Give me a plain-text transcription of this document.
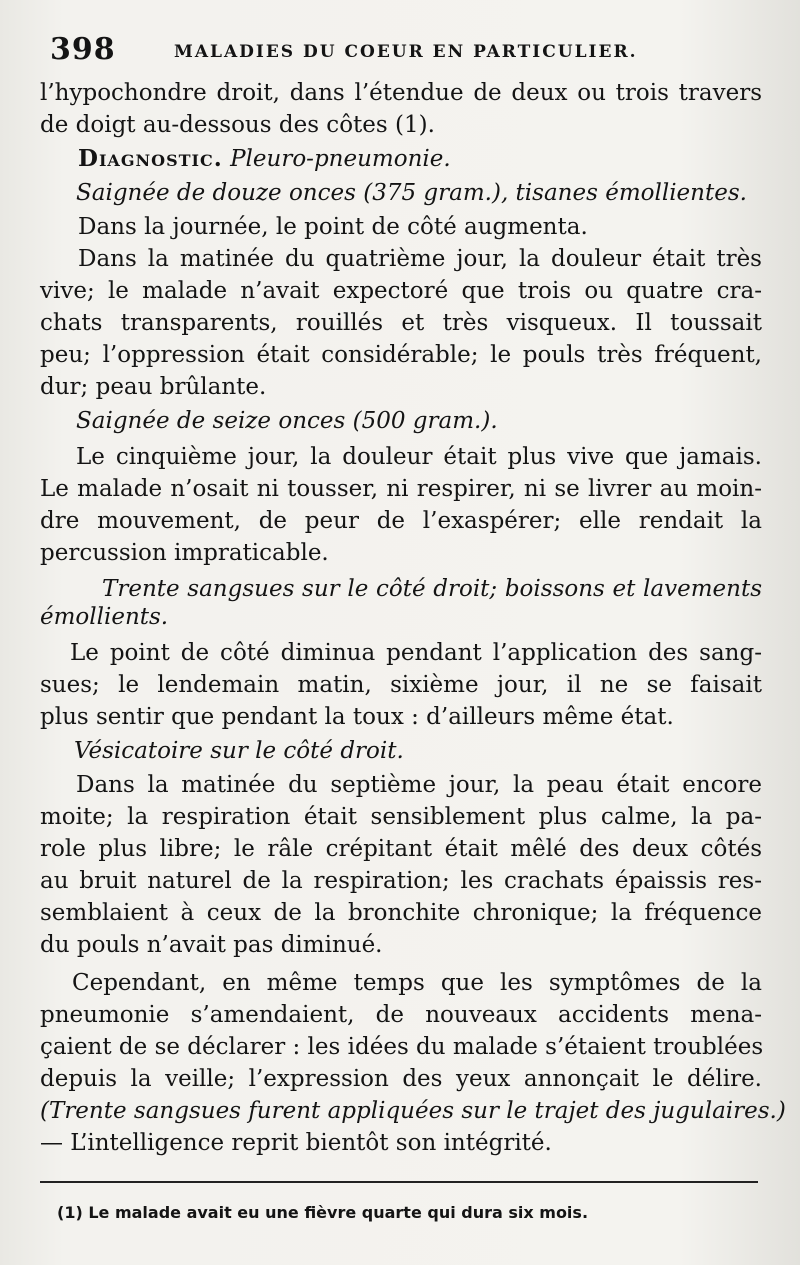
398	MALADIES DU COEUR EN PARTICULIER.
l’hypochondre droit, dans l’étendue de deux ou trois travers
de doigt au-dessous des côtes (1).
Diagnostic. Pleuro-pneumonie.
Saignée de douze onces (375 gram.), tisanes émollientes.
Dans la journée, le point de côté augmenta.
Dans la matinée du quatrième jour, la douleur était très
vive; le malade n’avait expectoré que trois ou quatre cra-
chats transparents, rouillés et très visqueux. Il toussait
peu; l’oppression était considérable; le pouls très fréquent,
dur; peau brûlante.
Saignée de seize onces (500 gram.).
Le cinquième jour, la douleur était plus vive que jamais.
Le malade n’osait ni tousser, ni respirer, ni se livrer au moin-
dre mouvement, de peur de l’exaspérer; elle rendait la
percussion impraticable.
Trente sangsues sur le côté droit; boissons et lavements
émollients.
Le point de côté diminua pendant l’application des sang-
sues; le lendemain matin, sixième jour, il ne se faisait
plus sentir que pendant la toux : d’ailleurs même état.
Vésicatoire sur le côté droit.
Dans la matinée du septième jour, la peau était encore
moite; la respiration était sensiblement plus calme, la pa-
role plus libre; le râle crépitant était mêlé des deux côtés
au bruit naturel de la respiration; les crachats épaissis res-
semblaient à ceux de la bronchite chronique; la fréquence
du pouls n’avait pas diminué.
Cependant, en même temps que les symptômes de la
pneumonie s’amendaient, de nouveaux accidents mena-
çaient de se déclarer : les idées du malade s’étaient troublées
depuis la veille; l’expression des yeux annonçait le délire.
(Trente sangsues furent appliquées sur le trajet des jugulaires.)
— L’intelligence reprit bientôt son intégrité.
(1) Le malade avait eu une fièvre quarte qui dura six mois.
